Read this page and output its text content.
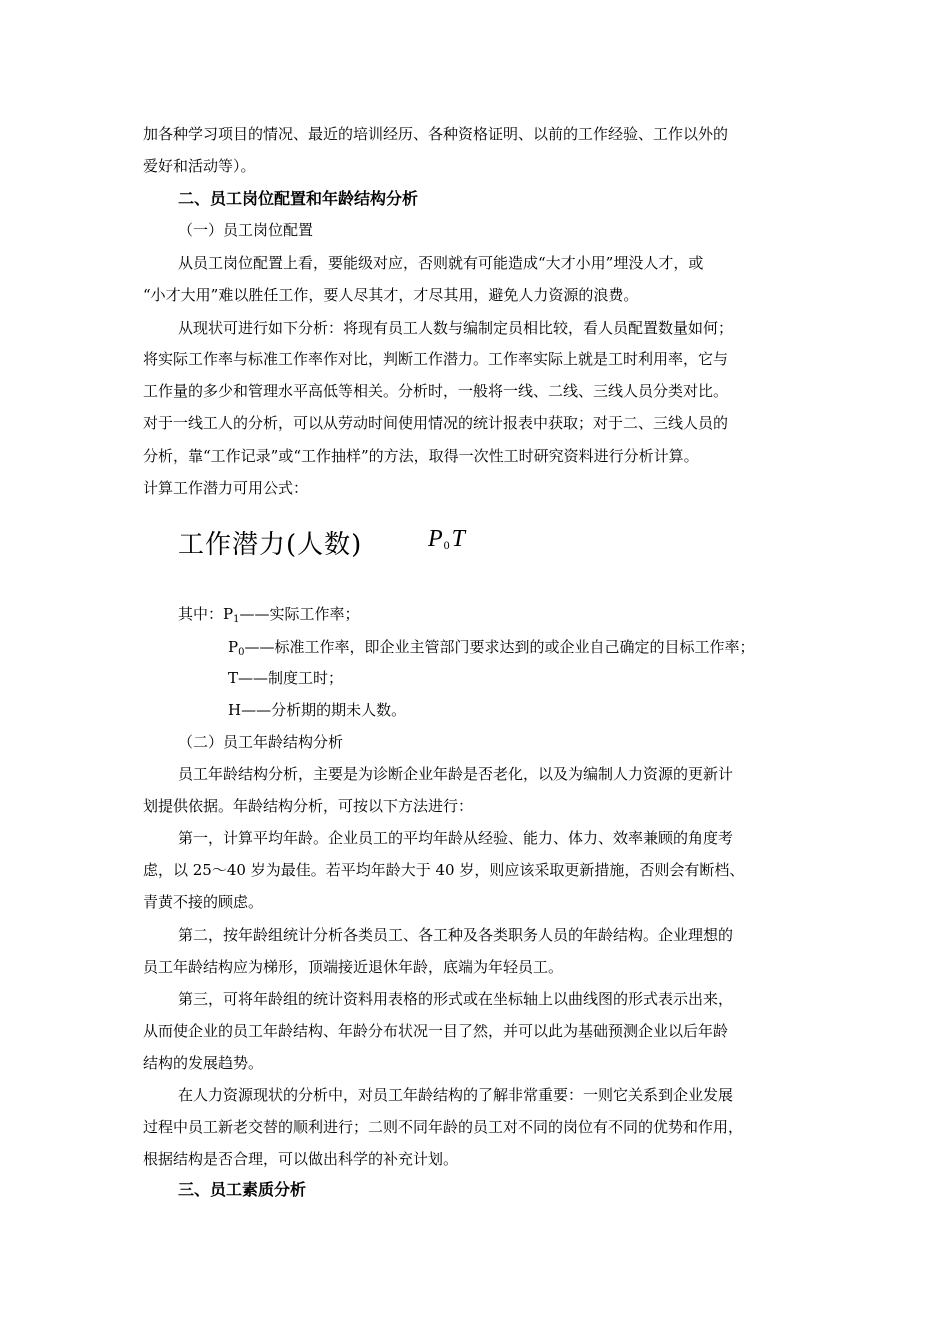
加各种学习项目的情况、最近的培训经历、各种资格证明、以前的工作经验、工作以外的
爱好和活动等）。
二、员工岗位配置和年龄结构分析
（一）员工岗位配置
从员工岗位配置上看，要能级对应，否则就有可能造成“大才小用”埋没人才，或
“小才大用”难以胜任工作，要人尽其才，才尽其用，避免人力资源的浪费。
从现状可进行如下分析：将现有员工人数与编制定员相比较，看人员配置数量如何；
将实际工作率与标准工作率作对比，判断工作潜力。工作率实际上就是工时利用率，它与
工作量的多少和管理水平高低等相关。分析时，一般将一线、二线、三线人员分类对比。
对于一线工人的分析，可以从劳动时间使用情况的统计报表中获取；对于二、三线人员的
分析，靠“工作记录”或“工作抽样”的方法，取得一次性工时研究资料进行分析计算。
计算工作潜力可用公式：
工作潜力(人数)	$P_0T$
其中：$P_1——$实际工作率；
$P_0——$标准工作率，即企业主管部门要求达到的或企业自己确定的目标工作率；
T——制度工时；
H——分析期的期未人数。
（二）员工年龄结构分析
员工年龄结构分析，主要是为诊断企业年龄是否老化，以及为编制人力资源的更新计
划提供依据。年龄结构分析，可按以下方法进行：
第一，计算平均年龄。企业员工的平均年龄从经验、能力、体力、效率兼顾的角度考
虑，以 25～40 岁为最佳。若平均年龄大于 40 岁，则应该采取更新措施，否则会有断档、
青黄不接的顾虑。
第二，按年龄组统计分析各类员工、各工种及各类职务人员的年龄结构。企业理想的
员工年龄结构应为梯形，顶端接近退休年龄，底端为年轻员工。
第三，可将年龄组的统计资料用表格的形式或在坐标轴上以曲线图的形式表示出来，
从而使企业的员工年龄结构、年龄分布状况一目了然，并可以此为基础预测企业以后年龄
结构的发展趋势。
在人力资源现状的分析中，对员工年龄结构的了解非常重要：一则它关系到企业发展
过程中员工新老交替的顺利进行；二则不同年龄的员工对不同的岗位有不同的优势和作用，
根据结构是否合理，可以做出科学的补充计划。
三、员工素质分析
